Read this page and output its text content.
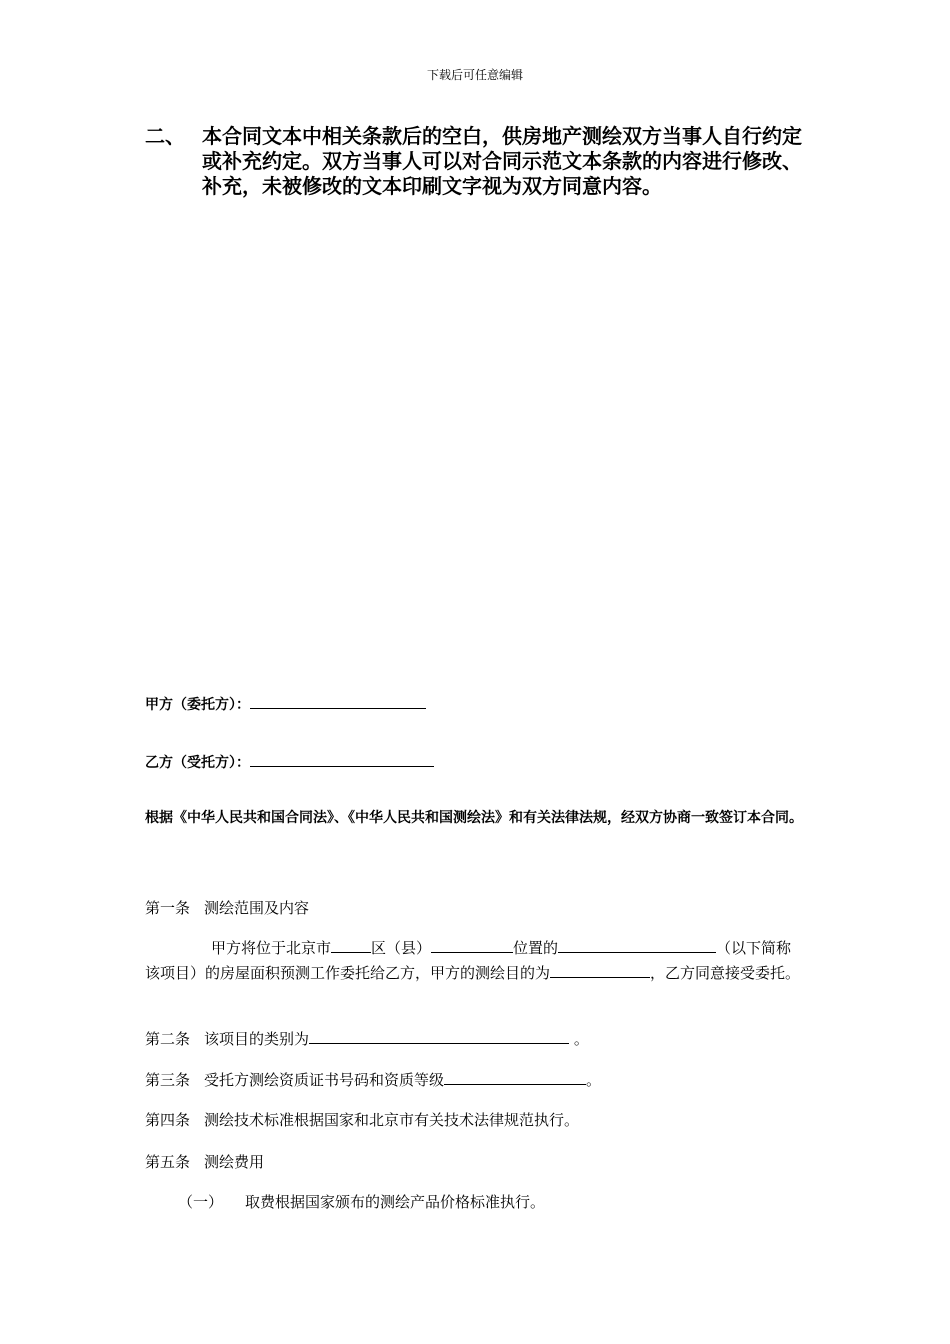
下载后可任意编辑
二、 本合同文本中相关条款后的空白，供房地产测绘双方当事人自行约定或补充约定。双方当事人可以对合同示范文本条款的内容进行修改、补充，未被修改的文本印刷文字视为双方同意内容。
甲方（委托方）：
乙方（受托方）：
根据《中华人民共和国合同法》、《中华人民共和国测绘法》和有关法律法规，经双方协商一致签订本合同。
第一条 测绘范围及内容
甲方将位于北京市	区（县）	位置的	（以下简称该项目）的房屋面积预测工作委托给乙方，甲方的测绘目的为	，乙方同意接受委托。
第二条 该项目的类别为	。
第三条 受托方测绘资质证书号码和资质等级	。
第四条 测绘技术标准根据国家和北京市有关技术法律规范执行。
第五条 测绘费用
（一） 取费根据国家颁布的测绘产品价格标准执行。
